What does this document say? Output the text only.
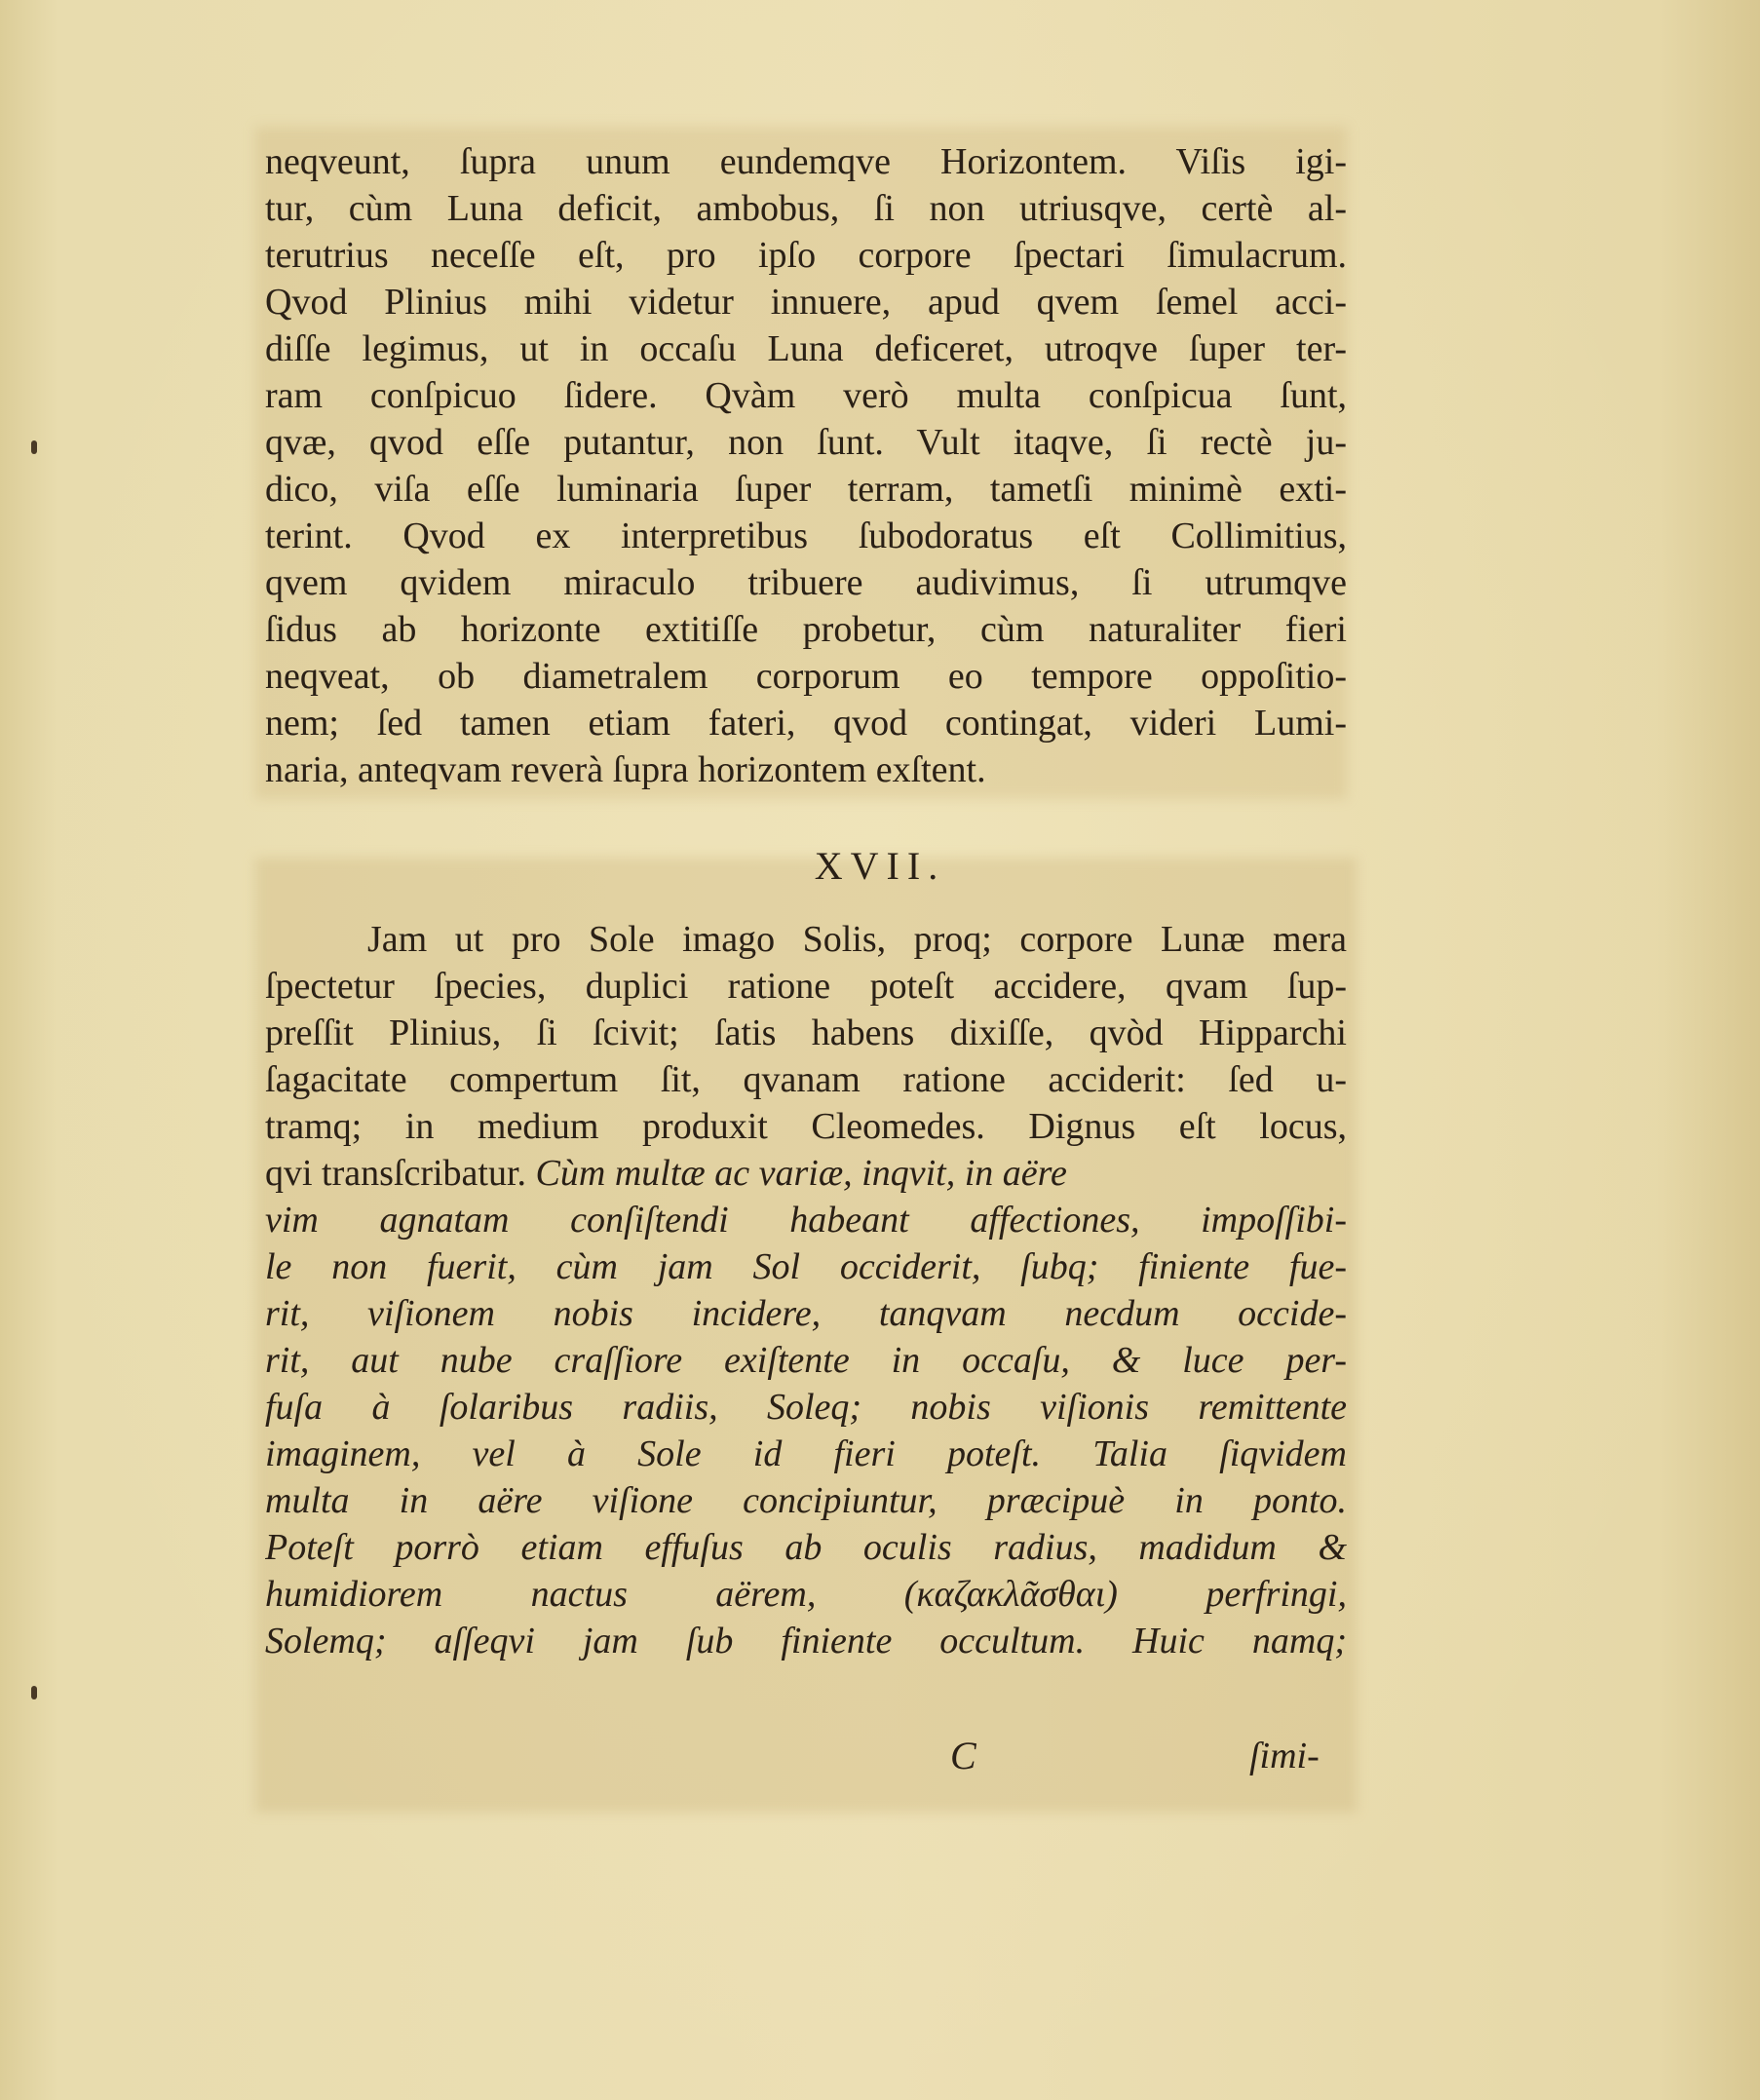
neqveunt, ſupra unum eundemqve Horizontem. Viſis igi-
tur, cùm Luna deficit, ambobus, ſi non utriusqve, certè al-
terutrius neceſſe eſt, pro ipſo corpore ſpectari ſimulacrum.
Qvod Plinius mihi videtur innuere, apud qvem ſemel acci-
diſſe legimus, ut in occaſu Luna deficeret, utroqve ſuper ter-
ram conſpicuo ſidere. Qvàm verò multa conſpicua ſunt,
qvæ, qvod eſſe putantur, non ſunt. Vult itaqve, ſi rectè ju-
dico, viſa eſſe luminaria ſuper terram, tametſi minimè exti-
terint. Qvod ex interpretibus ſubodoratus eſt Collimitius,
qvem qvidem miraculo tribuere audivimus, ſi utrumqve
ſidus ab horizonte extitiſſe probetur, cùm naturaliter fieri
neqveat, ob diametralem corporum eo tempore oppoſitio-
nem; ſed tamen etiam fateri, qvod contingat, videri Lumi-
naria, anteqvam reverà ſupra horizontem exſtent.
XVII.
Jam ut pro Sole imago Solis, proq; corpore Lunæ mera
ſpectetur ſpecies, duplici ratione poteſt accidere, qvam ſup-
preſſit Plinius, ſi ſcivit; ſatis habens dixiſſe, qvòd Hipparchi
ſagacitate compertum ſit, qvanam ratione acciderit: ſed u-
tramq; in medium produxit Cleomedes. Dignus eſt locus,
qvi transſcribatur. Cùm multæ ac variæ, inqvit, in aëre
vim agnatam conſiſtendi habeant affectiones, impoſſibi-
le non fuerit, cùm jam Sol occiderit, ſubq; finiente fue-
rit, viſionem nobis incidere, tanqvam necdum occide-
rit, aut nube craſſiore exiſtente in occaſu, & luce per-
fuſa à ſolaribus radiis, Soleq; nobis viſionis remittente
imaginem, vel à Sole id fieri poteſt. Talia ſiqvidem
multa in aëre viſione concipiuntur, præcipuè in ponto.
Poteſt porrò etiam effuſus ab oculis radius, madidum &
humidiorem nactus aërem, (καζακλᾶσθαι) perfringi,
Solemq; aſſeqvi jam ſub finiente occultum. Huic namq;
C	ſimi-
